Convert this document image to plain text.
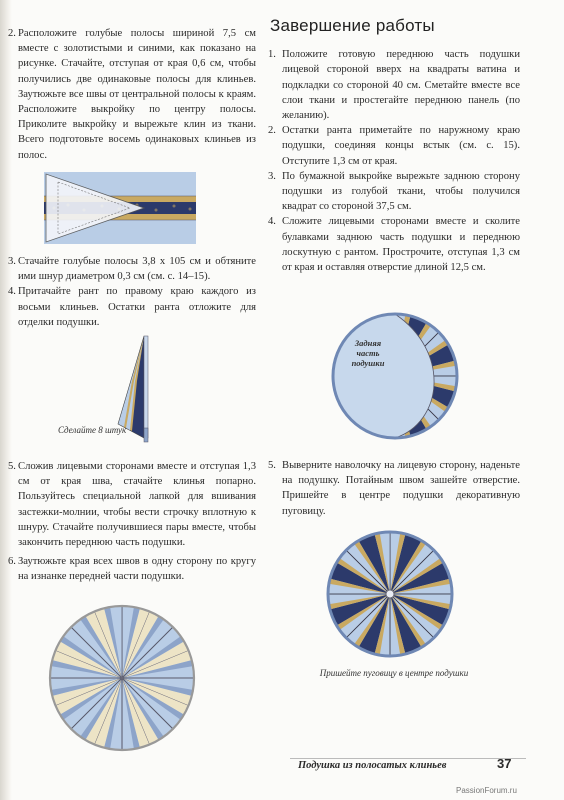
2. Расположите голубые полосы шириной 7,5 см вместе с золотистыми и синими, как показано на рисунке. Стачайте, отступая от края 0,6 см, чтобы получились две одинаковые полосы для клиньев. Заутюжьте все швы от центральной полосы к краям. Расположите выкройку по центру полосы. Приколите выкройку и вырежьте клин из ткани. Всего подготовьте восемь одинаковых клиньев из полос.

3. Стачайте голубые полосы 3,8 х 105 см и обтяните ими шнур диаметром 0,3 см (см. с. 14–15).

4. Притачайте рант по правому краю каждого из восьми клиньев. Остатки ранта отложите для отделки подушки.

Сделайте 8 штук

5. Сложив лицевыми сторонами вместе и отступая 1,3 см от края шва, стачайте клинья попарно. Пользуйтесь специальной лапкой для вшивания застежки-молнии, чтобы вести строчку вплотную к шнуру. Стачайте получившиеся пары вместе, чтобы закончить переднюю часть подушки.

6. Заутюжьте края всех швов в одну сторону по кругу на изнанке передней части подушки.

Завершение работы
1. Положите готовую переднюю часть подушки лицевой стороной вверх на квадраты ватина и подкладки со стороной 40 см. Сметайте вместе все слои ткани и простегайте переднюю панель (по желанию).
2. Остатки ранта приметайте по наружному краю подушки, соединяя концы встык (см. с. 15). Отступите 1,3 см от края.
3. По бумажной выкройке вырежьте заднюю сторону подушки из голубой ткани, чтобы получился квадрат со стороной 37,5 см.
4. Сложите лицевыми сторонами вместе и сколите булавками заднюю часть подушки и переднюю лоскутную с рантом. Прострочите, отступая 1,3 см от края и оставляя отверстие длиной 12,5 см.
Задняя часть подушки

5. Выверните наволочку на лицевую сторону, наденьте на подушку. Потайным швом зашейте отверстие. Пришейте в центре подушки декоративную пуговицу.

Пришейте пуговицу в центре подушки
Подушка из полосатых клиньев	37
PassionForum.ru
